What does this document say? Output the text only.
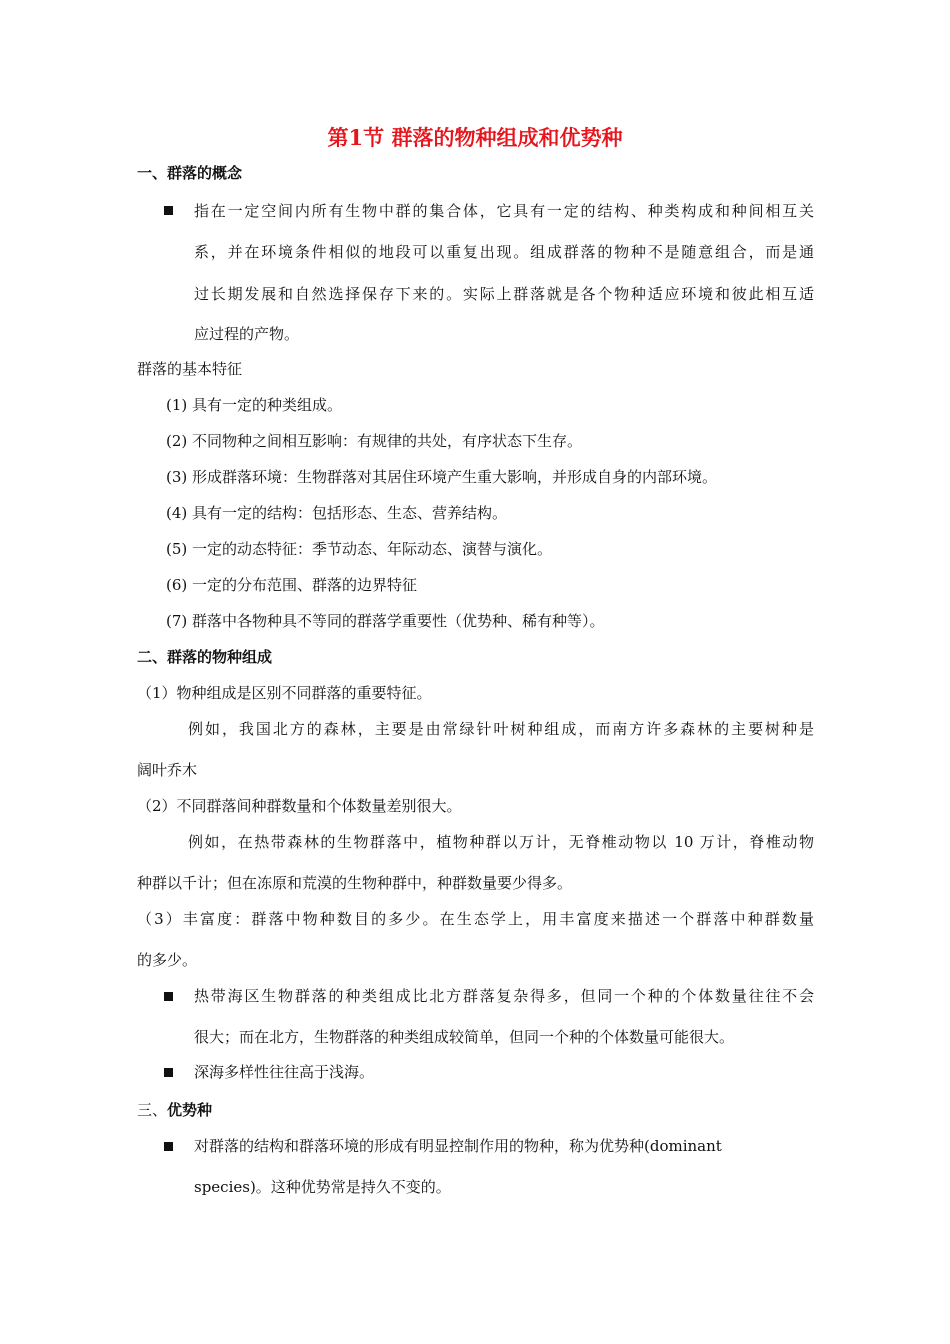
第1节 群落的物种组成和优势种
一、群落的概念
指在一定空间内所有生物中群的集合体，它具有一定的结构、种类构成和种间相互关
系，并在环境条件相似的地段可以重复出现。组成群落的物种不是随意组合，而是通
过长期发展和自然选择保存下来的。实际上群落就是各个物种适应环境和彼此相互适
应过程的产物。
群落的基本特征
(1) 具有一定的种类组成。
(2) 不同物种之间相互影响：有规律的共处，有序状态下生存。
(3) 形成群落环境：生物群落对其居住环境产生重大影响，并形成自身的内部环境。
(4) 具有一定的结构：包括形态、生态、营养结构。
(5) 一定的动态特征：季节动态、年际动态、演替与演化。
(6) 一定的分布范围、群落的边界特征
(7) 群落中各物种具不等同的群落学重要性（优势种、稀有种等）。
二、群落的物种组成
（1）物种组成是区别不同群落的重要特征。
例如，我国北方的森林，主要是由常绿针叶树种组成，而南方许多森林的主要树种是
阔叶乔木
（2）不同群落间种群数量和个体数量差别很大。
例如，在热带森林的生物群落中，植物种群以万计，无脊椎动物以 10 万计，脊椎动物
种群以千计；但在冻原和荒漠的生物种群中，种群数量要少得多。
（3）丰富度：群落中物种数目的多少。在生态学上，用丰富度来描述一个群落中种群数量
的多少。
热带海区生物群落的种类组成比北方群落复杂得多，但同一个种的个体数量往往不会
很大；而在北方，生物群落的种类组成较简单，但同一个种的个体数量可能很大。
深海多样性往往高于浅海。
三、优势种
对群落的结构和群落环境的形成有明显控制作用的物种，称为优势种(dominant
species)。这种优势常是持久不变的。
